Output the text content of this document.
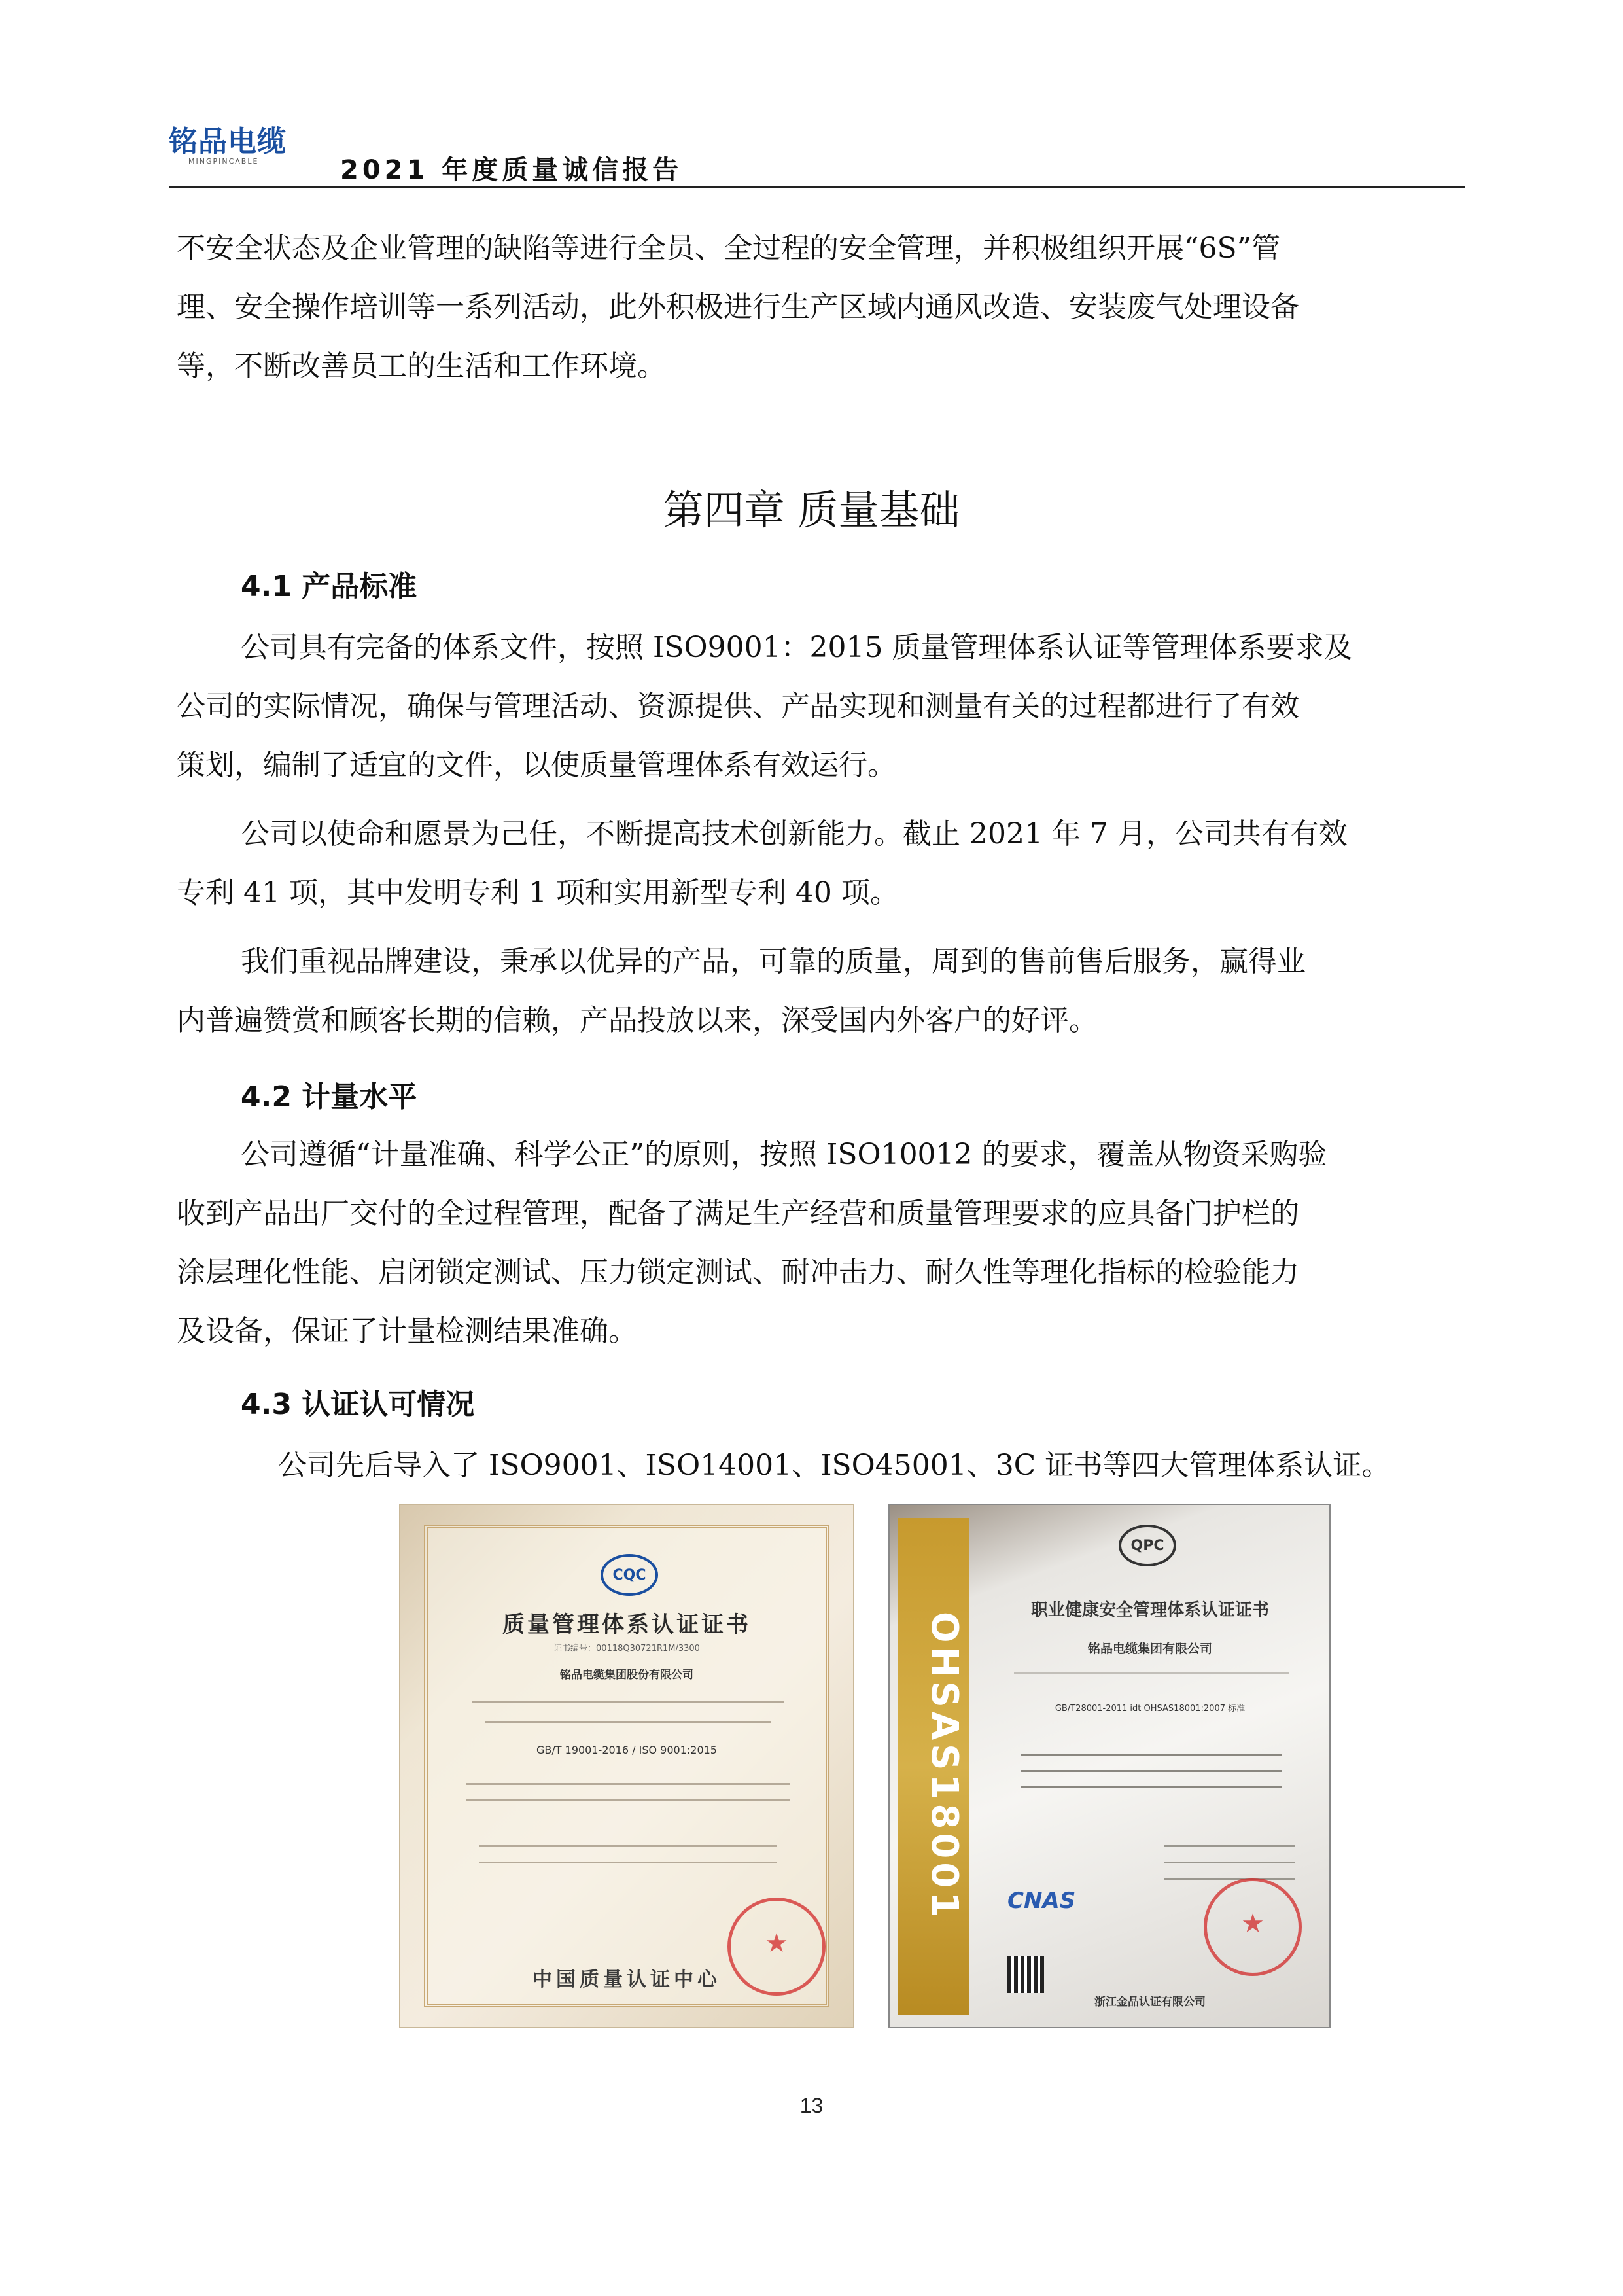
铭品电缆
MINGPINCABLE	2021 年度质量诚信报告

不安全状态及企业管理的缺陷等进行全员、全过程的安全管理，并积极组织开展“6S”管

理、安全操作培训等一系列活动，此外积极进行生产区域内通风改造、安装废气处理设备

等，不断改善员工的生活和工作环境。

第四章 质量基础
4.1 产品标准

公司具有完备的体系文件，按照 ISO9001：2015 质量管理体系认证等管理体系要求及

公司的实际情况，确保与管理活动、资源提供、产品实现和测量有关的过程都进行了有效

策划，编制了适宜的文件，以使质量管理体系有效运行。

公司以使命和愿景为己任，不断提高技术创新能力。截止 2021 年 7 月，公司共有有效

专利 41 项，其中发明专利 1 项和实用新型专利 40 项。

我们重视品牌建设，秉承以优异的产品，可靠的质量，周到的售前售后服务，赢得业

内普遍赞赏和顾客长期的信赖，产品投放以来，深受国内外客户的好评。

4.2 计量水平

公司遵循“计量准确、科学公正”的原则，按照 ISO10012 的要求，覆盖从物资采购验

收到产品出厂交付的全过程管理，配备了满足生产经营和质量管理要求的应具备门护栏的

涂层理化性能、启闭锁定测试、压力锁定测试、耐冲击力、耐久性等理化指标的检验能力

及设备，保证了计量检测结果准确。

4.3 认证认可情况

公司先后导入了 ISO9001、ISO14001、ISO45001、3C 证书等四大管理体系认证。

CQC
质量管理体系认证证书
证书编号：00118Q30721R1M/3300
铭品电缆集团股份有限公司
GB/T 19001-2016 / ISO 9001:2015
★
中国质量认证中心
OHSAS18001
QPC
职业健康安全管理体系认证证书
铭品电缆集团有限公司
GB/T28001-2011 idt OHSAS18001:2007 标准
CNAS
★
浙江金品认证有限公司
13
